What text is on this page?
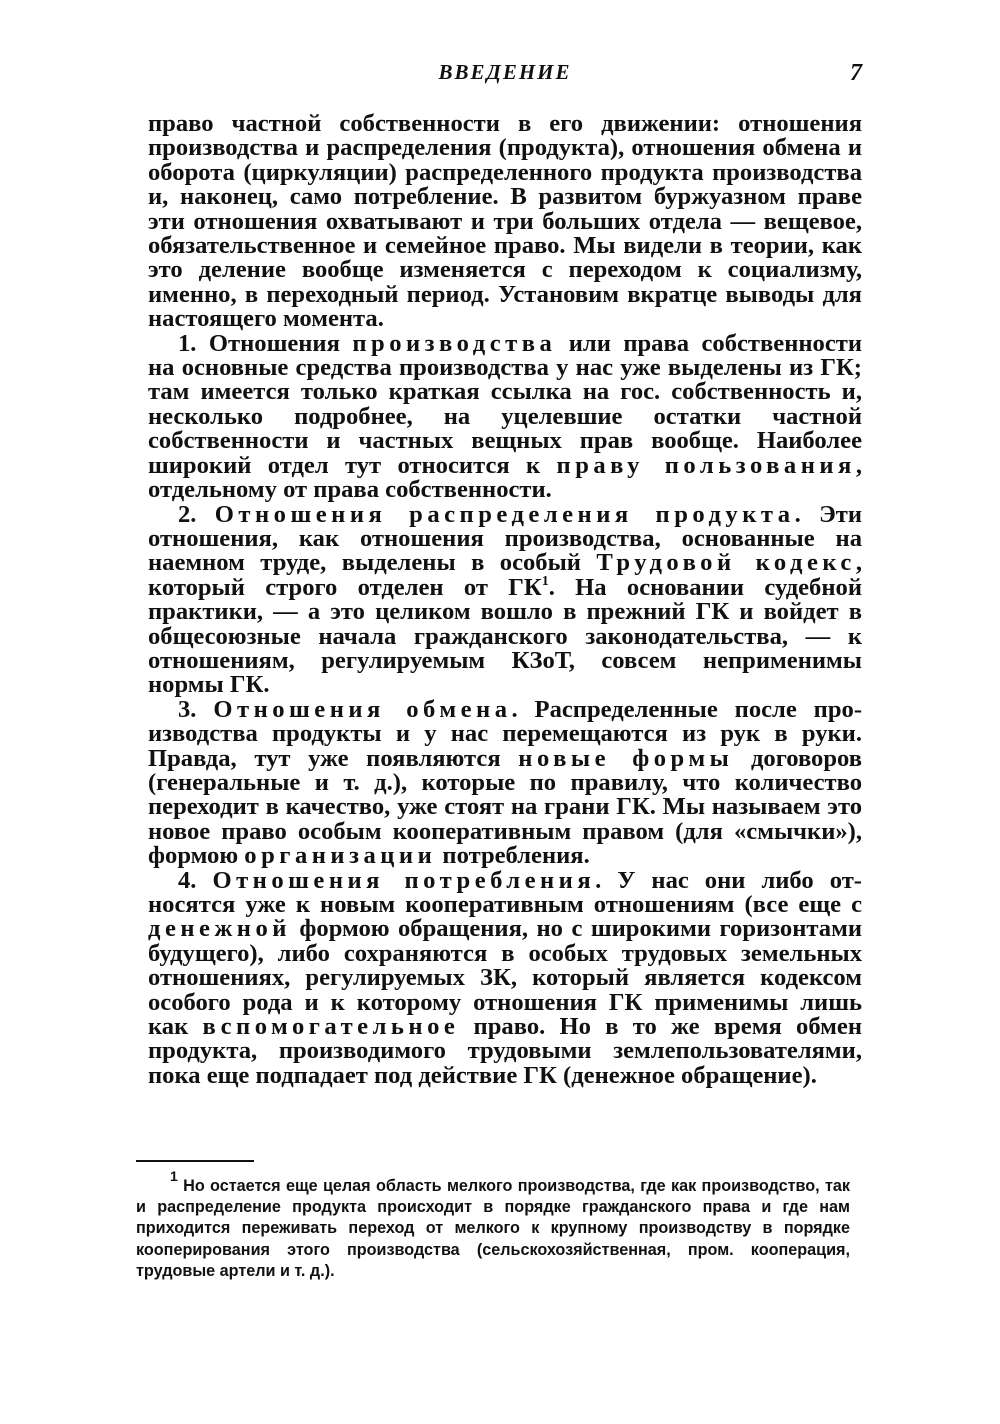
ВВЕДЕНИЕ	7

право частной собственности в его движении: отношения производства и распределения (продукта), отношения обмена и оборота (циркуляции) распределенного продукта производства и, наконец, само потребление. В развитом буржуазном праве эти отношения охватывают и три больших отдела — вещевое, обязательственное и семейное право. Мы видели в теории, как это деление вообще изменяется с переходом к социализму, именно, в переходный период. Установим вкратце выводы для настоящего момента.

1. Отношения производства или права собственности на основные средства производства у нас уже выделены из ГК; там имеется только краткая ссылка на гос. собственность и, несколько подробнее, на уцелевшие остатки частной собственности и частных вещных прав вообще. Наиболее широкий отдел тут относится к праву пользования, отдельному от права собственности.

2. Отношения распределения продукта. Эти отношения, как отношения производства, основанные на наемном труде, выделены в особый Трудовой кодекс, который строго отделен от $ГК^1$. На основании судебной практики, — а это целиком вошло в прежний ГК и войдет в общесоюзные начала гражданского законодательства, — к отношениям, регулируемым КЗоТ, совсем неприменимы нормы ГК.

3. Отношения обмена. Распределенные после производства продукты и у нас перемещаются из рук в руки. Правда, тут уже появляются новые формы договоров (генеральные и т. д.), которые по правилу, что количество переходит в качество, уже стоят на грани ГК. Мы называем это новое право особым кооперативным правом (для «смычки»), формою организации потребления.

4. Отношения потребления. У нас они либо относятся уже к новым кооперативным отношениям (все еще с денежной формою обращения, но с широкими горизонтами будущего), либо сохраняются в особых трудовых земельных отношениях, регулируемых ЗК, который является кодексом особого рода и к которому отношения ГК применимы лишь как вспомогательное право. Но в то же время обмен продукта, производимого трудовыми землепользователями, пока еще подпадает под действие ГК (денежное обращение).

$^1$ Но остается еще целая область мелкого производства, где как производство, так и распределение продукта происходит в порядке гражданского права и где нам приходится переживать переход от мелкого к крупному производству в порядке кооперирования этого производства (сельскохозяйственная, пром. кооперация, трудовые артели и т. д.).
